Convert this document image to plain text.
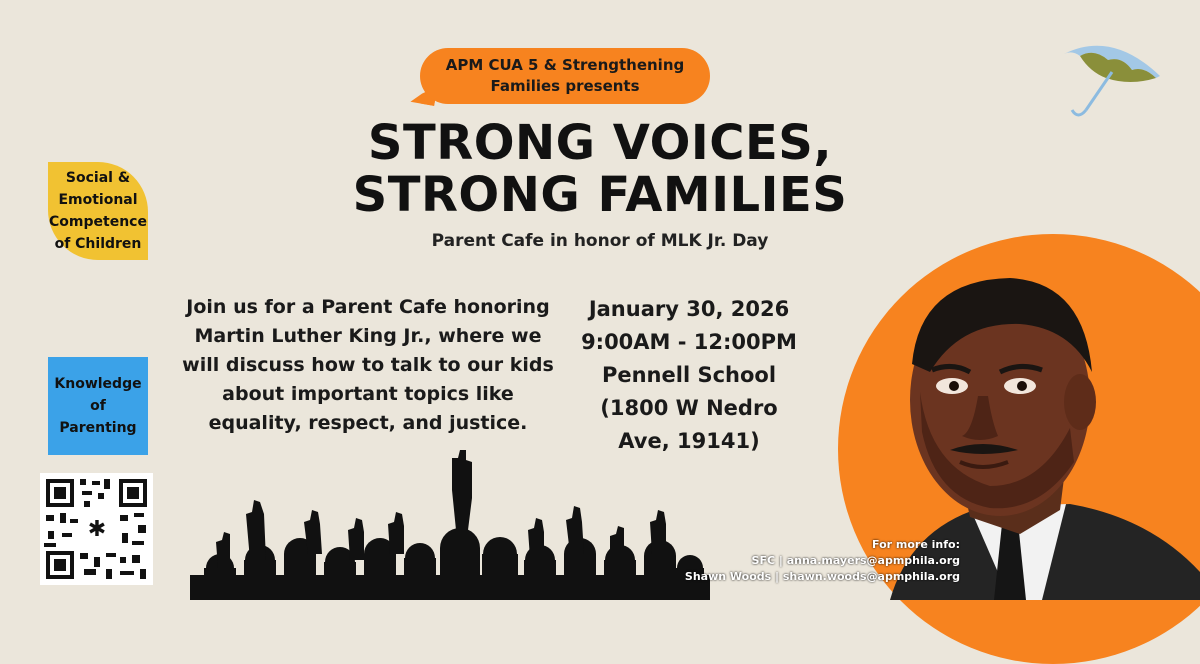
APM CUA 5 & Strengthening
Families presents
STRONG VOICES,
STRONG FAMILIES
Parent Cafe in honor of MLK Jr. Day
Join us for a Parent Cafe honoring
Martin Luther King Jr., where we
will discuss how to talk to our kids
about important topics like
equality, respect, and justice.
January 30, 2026
9:00AM - 12:00PM
Pennell School
(1800 W Nedro
Ave, 19141)
Social &
Emotional
Competence
of Children
Knowledge
of
Parenting
✱
For more info:
SFC | anna.mayers@apmphila.org
Shawn Woods | shawn.woods@apmphila.org
